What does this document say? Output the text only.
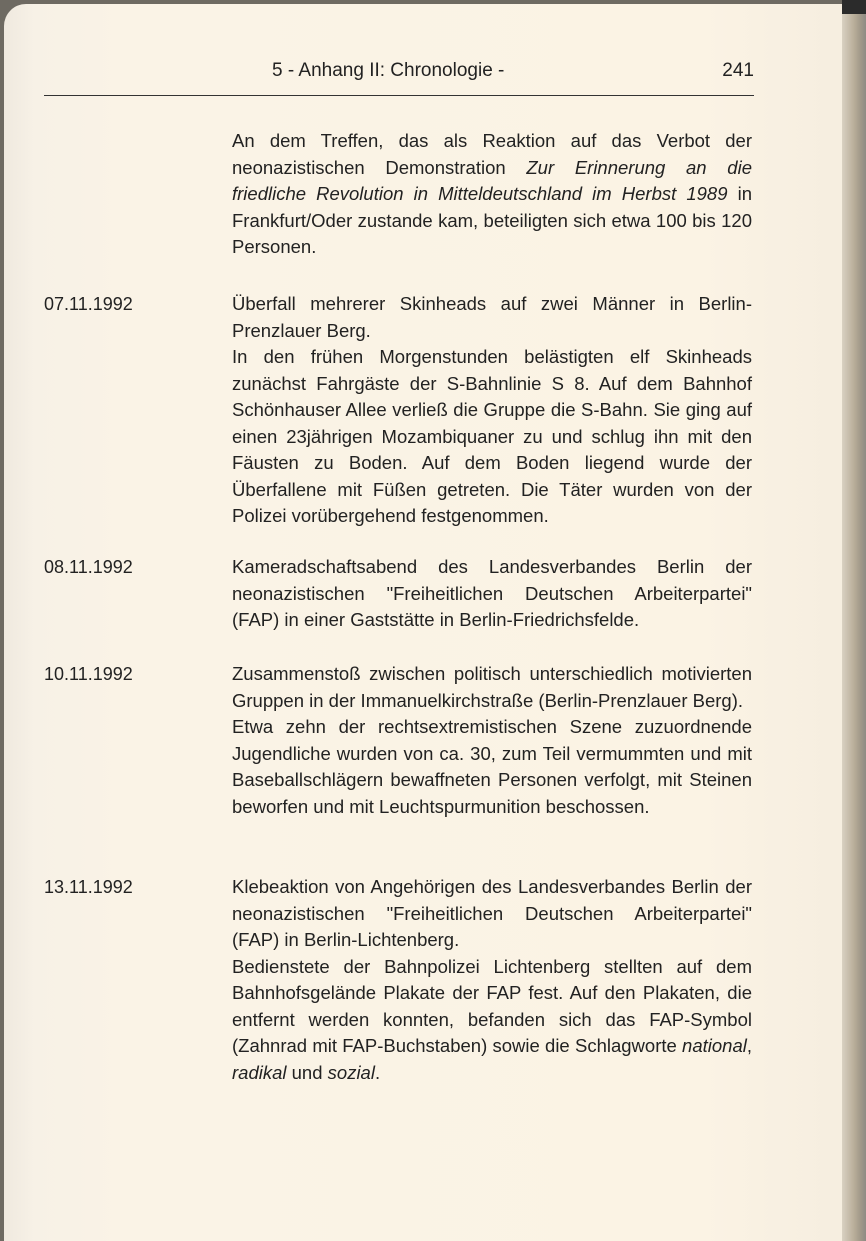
5 - Anhang II: Chronologie -	241

An dem Treffen, das als Reaktion auf das Verbot der neonazistischen Demonstration Zur Erinnerung an die friedliche Revolution in Mitteldeutschland im Herbst 1989 in Frankfurt/Oder zustande kam, beteiligten sich etwa 100 bis 120 Personen.

07.11.1992	Überfall mehrerer Skinheads auf zwei Männer in Berlin-Prenzlauer Berg.

In den frühen Morgenstunden belästigten elf Skinheads zunächst Fahrgäste der S-Bahnlinie S 8. Auf dem Bahnhof Schönhauser Allee verließ die Gruppe die S-Bahn. Sie ging auf einen 23jährigen Mozambiquaner zu und schlug ihn mit den Fäusten zu Boden. Auf dem Boden liegend wurde der Überfallene mit Füßen getreten. Die Täter wurden von der Polizei vorübergehend festgenommen.

08.11.1992	Kameradschaftsabend des Landesverbandes Berlin der neonazistischen "Freiheitlichen Deutschen Arbeiterpartei" (FAP) in einer Gaststätte in Berlin-Friedrichsfelde.

10.11.1992	Zusammenstoß zwischen politisch unterschiedlich motivierten Gruppen in der Immanuelkirchstraße (Berlin-Prenzlauer Berg).

Etwa zehn der rechtsextremistischen Szene zuzuordnende Jugendliche wurden von ca. 30, zum Teil vermummten und mit Baseballschlägern bewaffneten Personen verfolgt, mit Steinen beworfen und mit Leuchtspurmunition beschossen.

13.11.1992	Klebeaktion von Angehörigen des Landesverbandes Berlin der neonazistischen "Freiheitlichen Deutschen Arbeiterpartei" (FAP) in Berlin-Lichtenberg.

Bedienstete der Bahnpolizei Lichtenberg stellten auf dem Bahnhofsgelände Plakate der FAP fest. Auf den Plakaten, die entfernt werden konnten, befanden sich das FAP-Symbol (Zahnrad mit FAP-Buchstaben) sowie die Schlagworte national, radikal und sozial.
